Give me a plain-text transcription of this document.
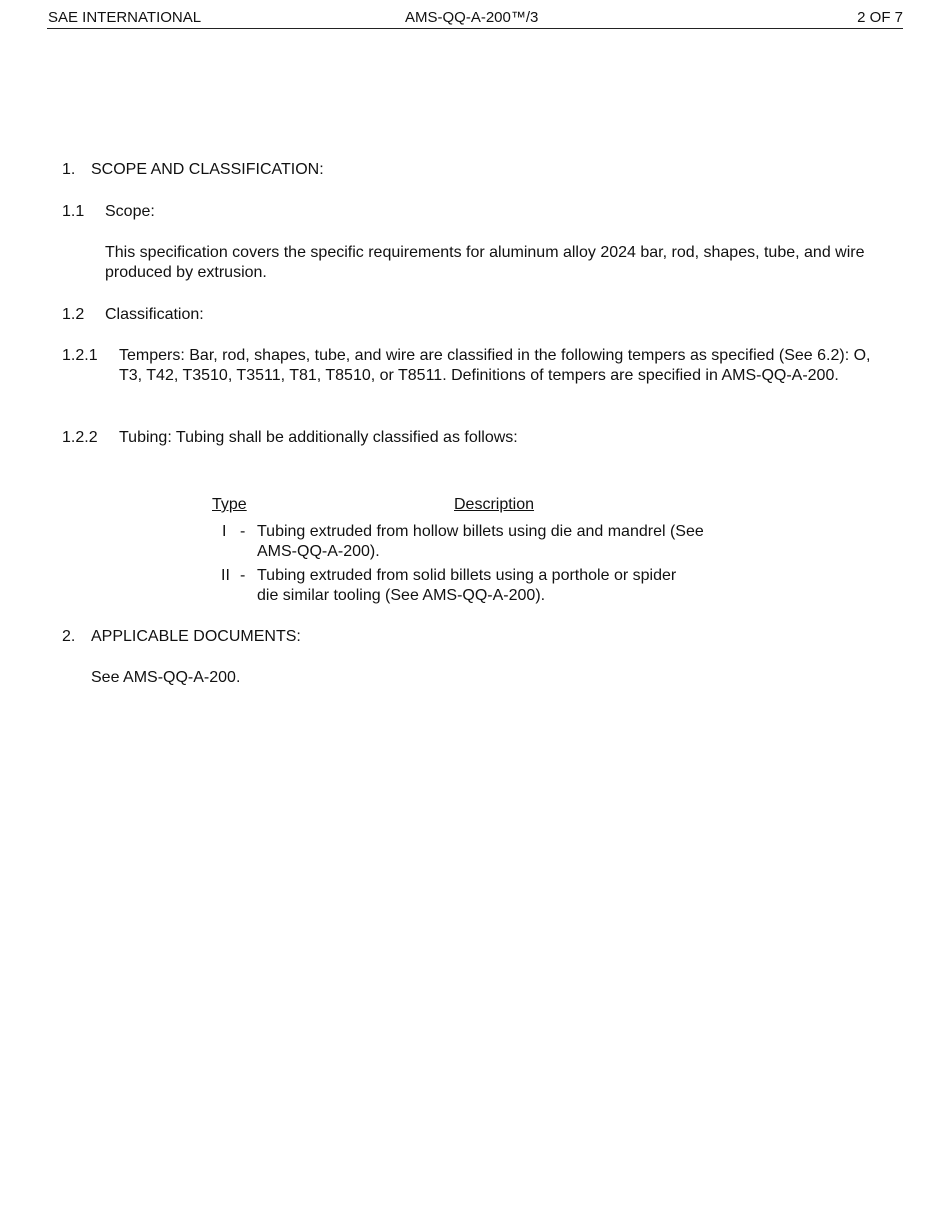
SAE INTERNATIONAL	AMS-QQ-A-200™/3	2 OF 7
1. SCOPE AND CLASSIFICATION:
1.1 Scope:
This specification covers the specific requirements for aluminum alloy 2024 bar, rod, shapes, tube, and wire produced by extrusion.
1.2 Classification:
1.2.1 Tempers: Bar, rod, shapes, tube, and wire are classified in the following tempers as specified (See 6.2): O, T3, T42, T3510, T3511, T81, T8510, or T8511. Definitions of tempers are specified in AMS-QQ-A-200.
1.2.2 Tubing: Tubing shall be additionally classified as follows:
Type	Description
I - Tubing extruded from hollow billets using die and mandrel (See
AMS-QQ-A-200).
II - Tubing extruded from solid billets using a porthole or spider
die similar tooling (See AMS-QQ-A-200).
2. APPLICABLE DOCUMENTS:
See AMS-QQ-A-200.
